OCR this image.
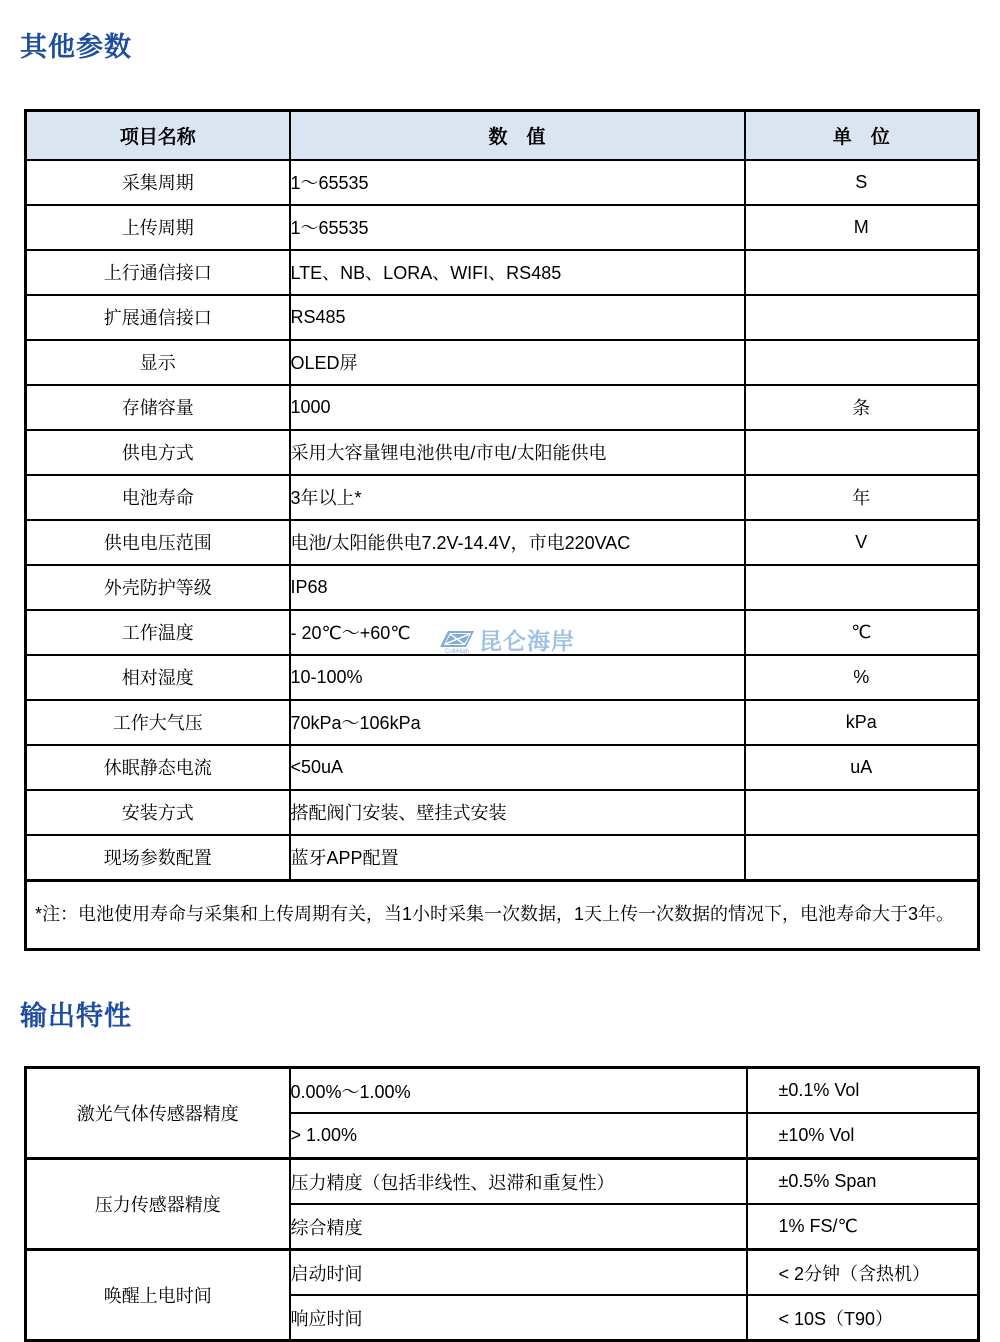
其他参数
项目名称	数　值	单　位
采集周期	1～65535	S
上传周期	1～65535	M
上行通信接口	LTE、NB、LORA、WIFI、RS485	
扩展通信接口	RS485	
显示	OLED屏	
存储容量	1000	条
供电方式	采用大容量锂电池供电/市电/太阳能供电	
电池寿命	3年以上*	年
供电电压范围	电池/太阳能供电7.2V-14.4V，市电220VAC	V
外壳防护等级	IP68	
工作温度	- 20℃～+60℃	℃
相对湿度	10-100%	%
工作大气压	70kPa～106kPa	kPa
休眠静态电流	<50uA	uA
安装方式	搭配阀门安装、壁挂式安装	
现场参数配置	蓝牙APP配置	
*注：电池使用寿命与采集和上传周期有关，当1小时采集一次数据，1天上传一次数据的情况下，电池寿命大于3年。		
ColliHigh 昆仑海岸
输出特性
激光气体传感器精度	0.00%～1.00%	±0.1% Vol
	> 1.00%	±10% Vol
压力传感器精度	压力精度（包括非线性、迟滞和重复性）	±0.5% Span
	综合精度	1% FS/℃
唤醒上电时间	启动时间	< 2分钟（含热机）
	响应时间	< 10S（T90）
